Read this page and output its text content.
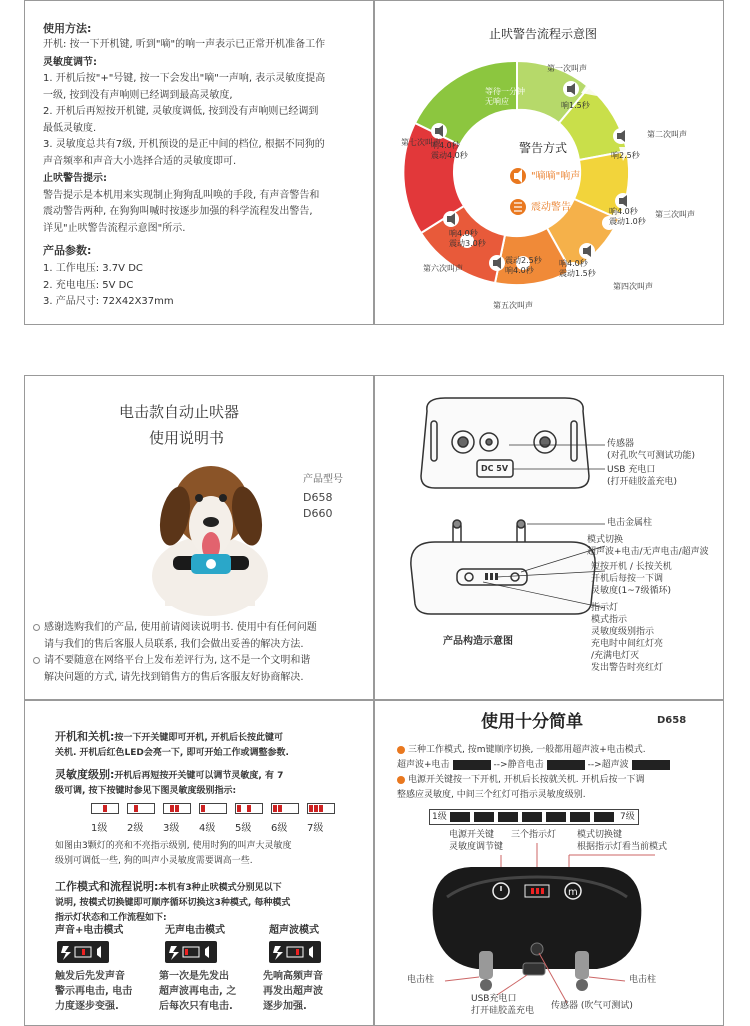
使用方法:
开机: 按一下开机键, 听到"嘀"的响一声表示已正常开机准备工作
灵敏度调节:
1. 开机后按"+"号键, 按一下会发出"嘀"一声响, 表示灵敏度提高
一级, 按到没有声响则已经调到最高灵敏度,
2. 开机后再短按开机键, 灵敏度调低, 按到没有声响则已经调到
最低灵敏度.
3. 灵敏度总共有7级, 开机预设的是正中间的档位, 根据不同狗的
声音频率和声音大小选择合适的灵敏度即可.
止吠警告提示:
警告提示是本机用来实现制止狗狗乱叫唤的手段, 有声音警告和
震动警告两种, 在狗狗叫喊时按逐步加强的科学流程发出警告,
详见"止吠警告流程示意图"所示.
产品参数:
1. 工作电压: 3.7V DC
2. 充电电压: 5V DC
3. 产品尺寸: 72X42X37mm
止吠警告流程示意图
警告方式
"嘀嘀"响声
震动警告
等待一分钟
无响应	响1.5秒
响2.5秒
响4.0秒
震动1.0秒
响4.0秒
震动1.5秒
震动2.5秒
响4.0秒
响4.0秒
震动3.0秒
响4.0秒
震动4.0秒
第一次叫声
第二次叫声
第三次叫声
第四次叫声
第五次叫声
第六次叫声
第七次叫声
电击款自动止吠器
使用说明书
产品型号
D658
D660
感谢选购我们的产品, 使用前请阅读说明书. 使用中有任何问题
请与我们的售后客服人员联系, 我们会做出妥善的解决方法.
请不要随意在网络平台上发布差评行为, 这不是一个文明和谐
解决问题的方式, 请先找到销售方的售后客服友好协商解决.
DC 5V
传感器
(对孔吹气可测试功能)
USB 充电口
(打开硅胶盖充电)
电击金属柱
模式切换
超声波+电击/无声电击/超声波
短按开机 / 长按关机
开机后每按一下调
灵敏度(1~7级循环)
指示灯
模式指示
灵敏度级别指示
充电时中间红灯亮
/充满电灯灭
发出警告时亮红灯
产品构造示意图
开机和关机:按一下开关键即可开机, 开机后长按此键可
关机. 开机后红色LED会亮一下, 即可开始工作或调整参数.
灵敏度级别:开机后再短按开关键可以调节灵敏度, 有 7
级可调, 按下按键时参见下图灵敏度级别指示:

1级 2级 3级 4级 5级 6级 7级
如图由3颗灯的亮和不亮指示级别, 使用时狗的叫声大灵敏度
级别可调低一些, 狗的叫声小灵敏度需要调高一些.
工作模式和流程说明:本机有3种止吠模式分别见以下
说明, 按模式切换键即可顺序循环切换这3种模式, 每种模式
指示灯状态和工作流程如下:
声音+电击模式	无声电击模式	超声波模式
触发后先发声音
警示再电击, 电击
力度逐步变强.
第一次是先发出
超声波再电击, 之
后每次只有电击.
先响高频声音
再发出超声波
逐步加强.
使用十分简单	D658
三种工作模式, 按m键顺序切换, 一般都用超声波+电击模式.
超声波+电击	-->静音电击	-->超声波
电源开关键按一下开机, 开机后长按就关机. 开机后按一下调
整感应灵敏度, 中间三个红灯可指示灵敏度级别.
1级	7级
电源开关键
灵敏度调节键
三个指示灯 模式切换键
根据指示灯看当前模式
m
电击柱	电击柱
USB充电口
打开硅胶盖充电 传感器 (吹气可测试)
